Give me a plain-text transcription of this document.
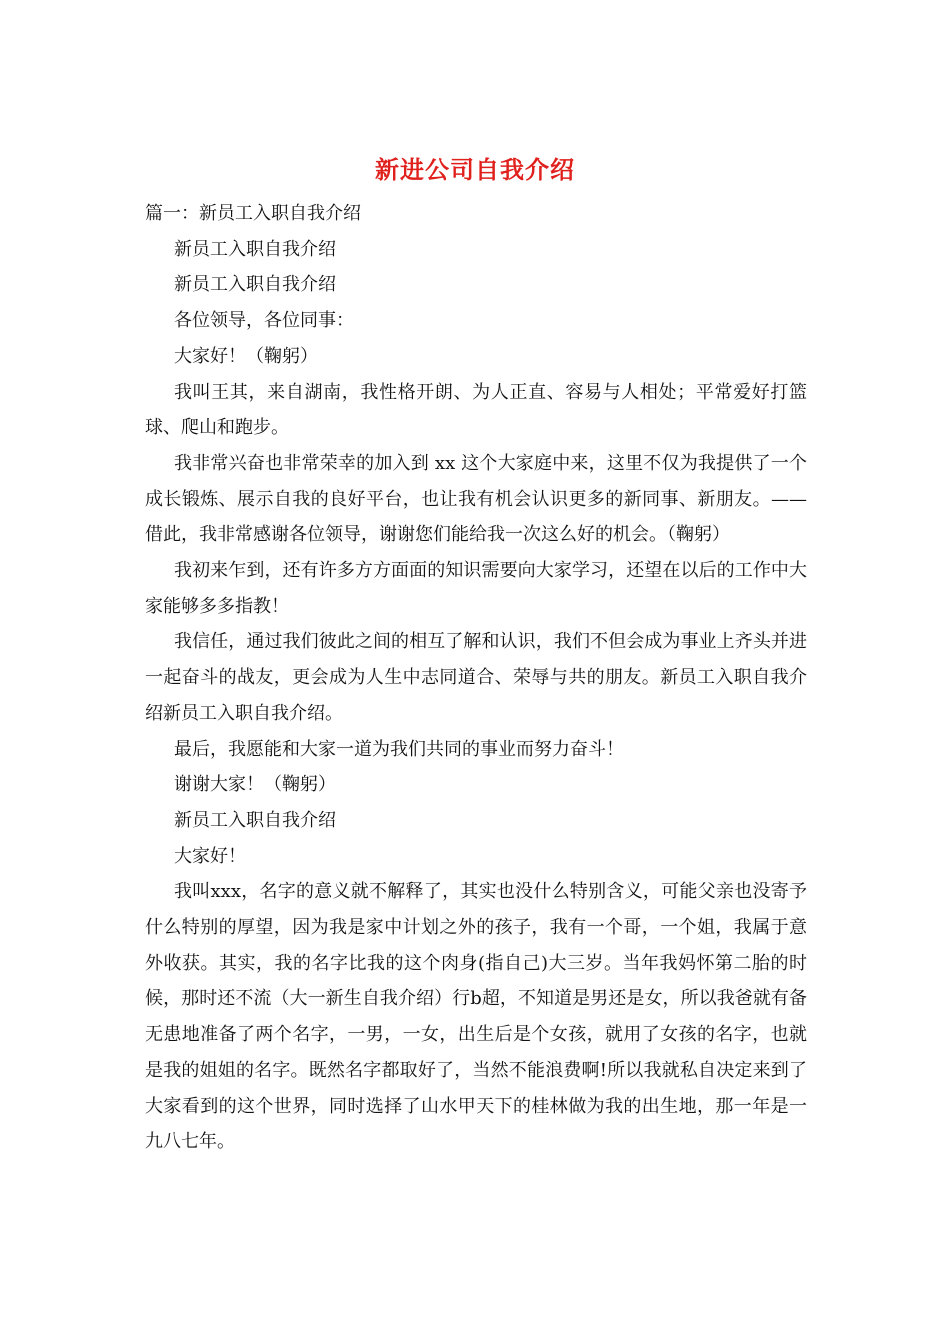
新进公司自我介绍

篇一：新员工入职自我介绍

新员工入职自我介绍

新员工入职自我介绍

各位领导，各位同事：

大家好！（鞠躬）

我叫王其，来自湖南，我性格开朗、为人正直、容易与人相处；平常爱好打篮球、爬山和跑步。

我非常兴奋也非常荣幸的加入到 xx 这个大家庭中来，这里不仅为我提供了一个成长锻炼、展示自我的良好平台，也让我有机会认识更多的新同事、新朋友。——借此，我非常感谢各位领导，谢谢您们能给我一次这么好的机会。（鞠躬）

我初来乍到，还有许多方方面面的知识需要向大家学习，还望在以后的工作中大家能够多多指教！

我信任，通过我们彼此之间的相互了解和认识，我们不但会成为事业上齐头并进一起奋斗的战友，更会成为人生中志同道合、荣辱与共的朋友。新员工入职自我介绍新员工入职自我介绍。

最后，我愿能和大家一道为我们共同的事业而努力奋斗！

谢谢大家！（鞠躬）

新员工入职自我介绍

大家好！

我叫xxx，名字的意义就不解释了，其实也没什么特别含义，可能父亲也没寄予什么特别的厚望，因为我是家中计划之外的孩子，我有一个哥，一个姐，我属于意外收获。其实，我的名字比我的这个肉身(指自己)大三岁。当年我妈怀第二胎的时候，那时还不流（大一新生自我介绍）行b超，不知道是男还是女，所以我爸就有备无患地准备了两个名字，一男，一女，出生后是个女孩，就用了女孩的名字，也就是我的姐姐的名字。既然名字都取好了，当然不能浪费啊!所以我就私自决定来到了大家看到的这个世界，同时选择了山水甲天下的桂林做为我的出生地，那一年是一九八七年。
